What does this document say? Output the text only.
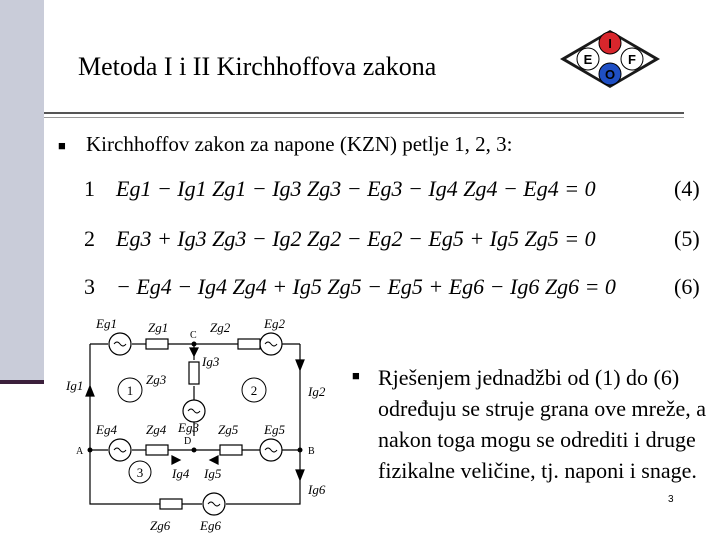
Metoda I i II Kirchhoffova zakona
I
E	F
O
■ Kirchhoffov zakon za napone (KZN) petlje 1, 2, 3:
1 Eg1 − Ig1 Zg1 − Ig3 Zg3 − Eg3 − Ig4 Zg4 − Eg4 = 0	(4)
2 Eg3 + Ig3 Zg3 − Ig2 Zg2 − Eg2 − Eg5 + Ig5 Zg5 = 0	(5)
3 − Eg4 − Ig4 Zg4 + Ig5 Zg5 − Eg5 + Eg6 − Ig6 Zg6 = 0	(6)
1	2
3
A	B
C
D
Eg1	Eg2
Eg3
Eg4	Eg5
Eg6
Zg1	Zg2
Zg3
Zg4	Zg5
Zg6
Ig1	Ig2
Ig3
Ig4 Ig5
Ig6
■ Rješenjem jednadžbi od (1) do (6) određuju se struje grana ove mreže, a nakon toga mogu se odrediti i druge fizikalne veličine, tj. naponi i snage.
3
